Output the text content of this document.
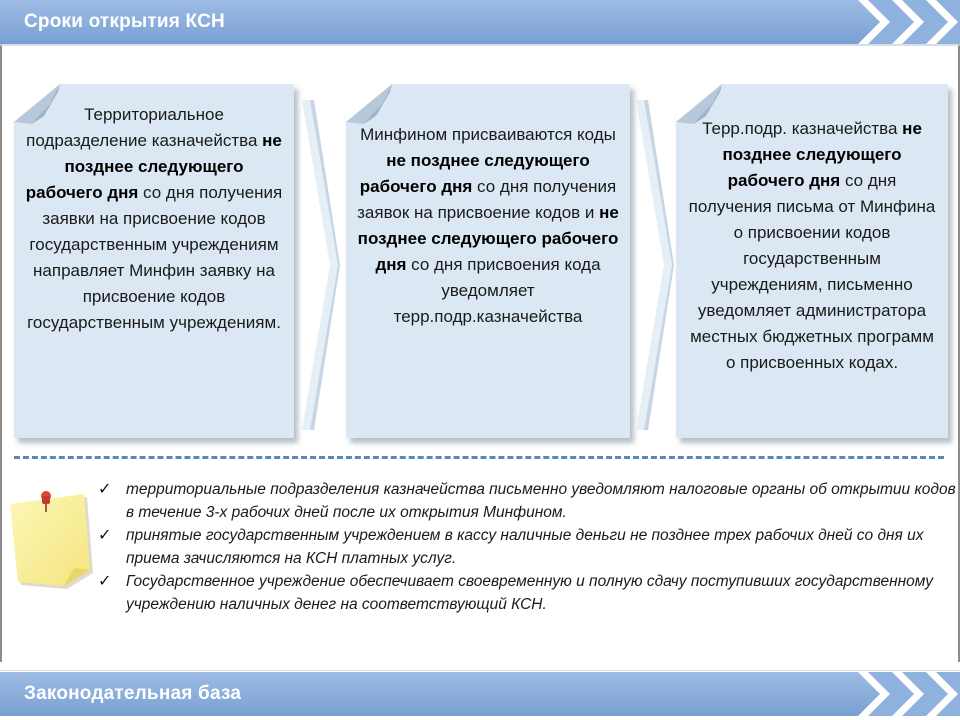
Сроки открытия КСН
Территориальное подразделение казначейства не позднее следующего рабочего дня со дня получения заявки на присвоение кодов государственным учреждениям направляет Минфин заявку на присвоение кодов государственным учреждениям.
Минфином присваиваются коды не позднее следующего рабочего дня со дня получения заявок на присвоение кодов и не позднее следующего рабочего дня со дня присвоения кода уведомляет терр.подр.казначейства
Терр.подр. казначейства не позднее следующего рабочего дня со дня получения письма от Минфина о присвоении кодов государственным учреждениям, письменно уведомляет администратора местных бюджетных программ о присвоенных кодах.
✓ территориальные подразделения казначейства письменно уведомляют налоговые органы об открытии кодов в течение 3-х рабочих дней после их открытия Минфином.
✓ принятые государственным учреждением в кассу наличные деньги не позднее трех рабочих дней со дня их приема зачисляются на КСН платных услуг.
✓ Государственное учреждение обеспечивает своевременную и полную сдачу поступивших государственному учреждению наличных денег на соответствующий КСН.
Законодательная база
